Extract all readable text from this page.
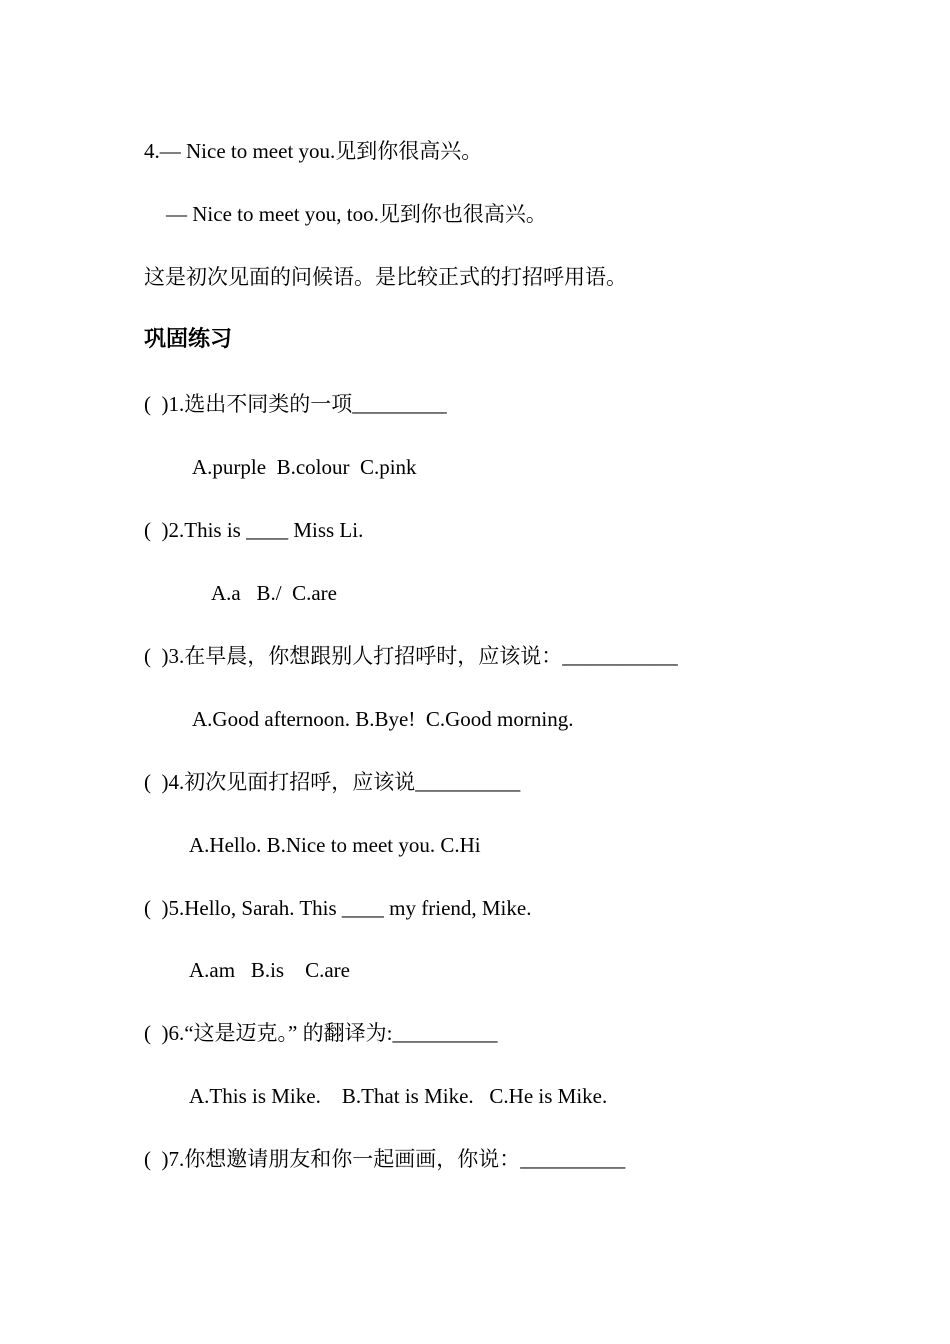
4.— Nice to meet you.见到你很高兴。
— Nice to meet you, too.见到你也很高兴。
这是初次见面的问候语。是比较正式的打招呼用语。
巩固练习
(  )1.选出不同类的一项_________
A.purple  B.colour  C.pink
(  )2.This is ____ Miss Li.
A.a   B./  C.are
(  )3.在早晨，你想跟别人打招呼时，应该说：___________
A.Good afternoon. B.Bye!  C.Good morning.
(  )4.初次见面打招呼，应该说__________
A.Hello. B.Nice to meet you. C.Hi
(  )5.Hello, Sarah. This ____ my friend, Mike.
A.am   B.is    C.are
(  )6.“这是迈克。” 的翻译为:__________
A.This is Mike.    B.That is Mike.   C.He is Mike.
(  )7.你想邀请朋友和你一起画画，你说：__________
